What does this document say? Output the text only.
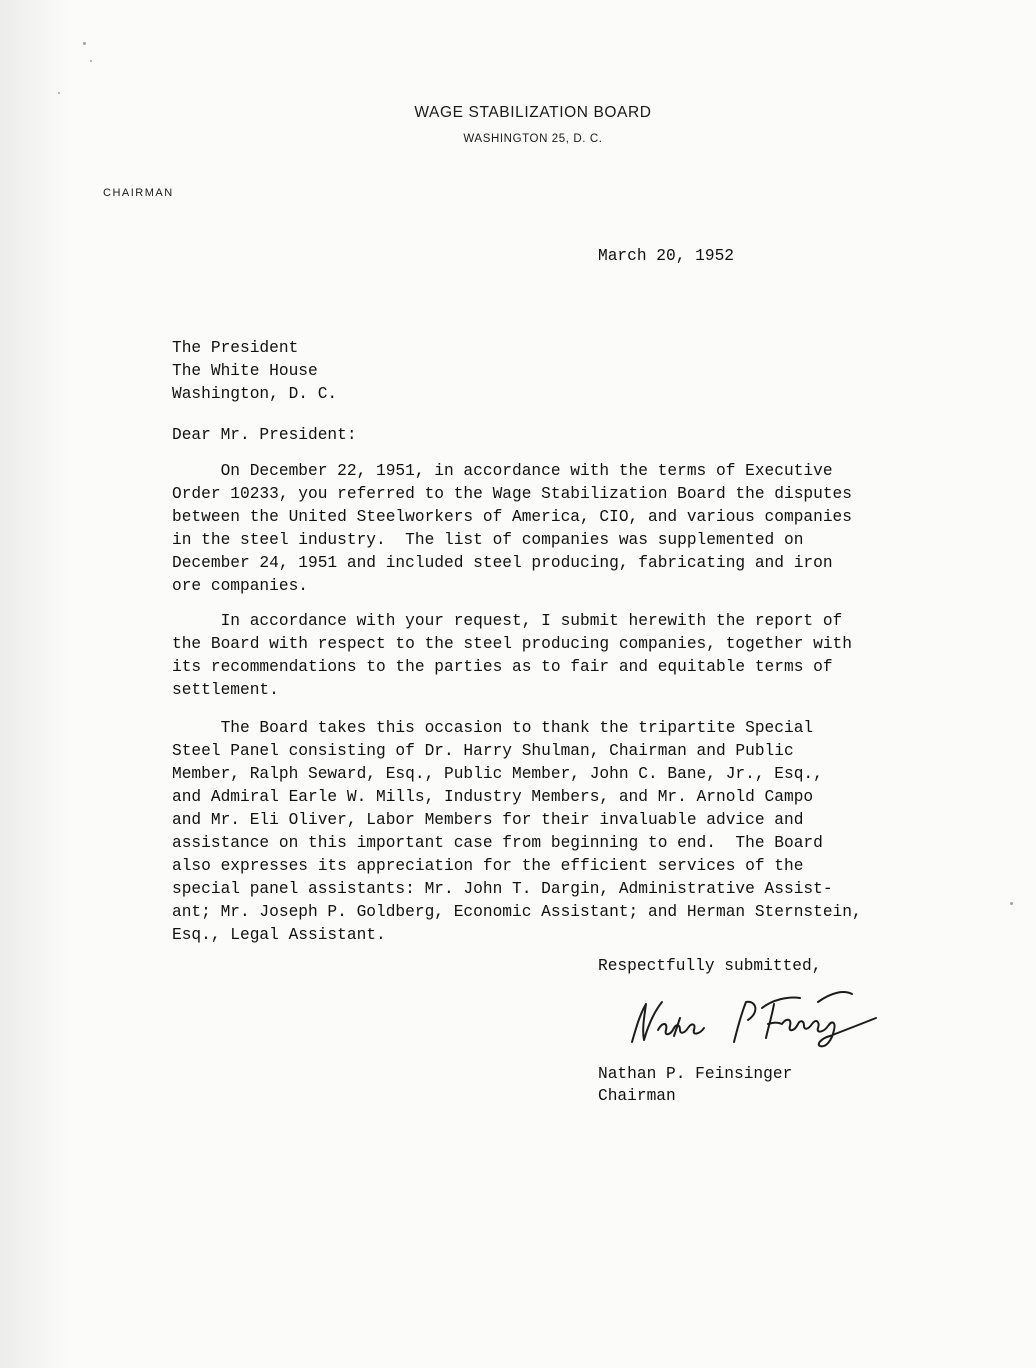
WAGE STABILIZATION BOARD
WASHINGTON 25, D. C.
CHAIRMAN
March 20, 1952
The President
The White House
Washington, D. C.
Dear Mr. President:
On December 22, 1951, in accordance with the terms of Executive
Order 10233, you referred to the Wage Stabilization Board the disputes
between the United Steelworkers of America, CIO, and various companies
in the steel industry.  The list of companies was supplemented on
December 24, 1951 and included steel producing, fabricating and iron
ore companies.
In accordance with your request, I submit herewith the report of
the Board with respect to the steel producing companies, together with
its recommendations to the parties as to fair and equitable terms of
settlement.
The Board takes this occasion to thank the tripartite Special
Steel Panel consisting of Dr. Harry Shulman, Chairman and Public
Member, Ralph Seward, Esq., Public Member, John C. Bane, Jr., Esq.,
and Admiral Earle W. Mills, Industry Members, and Mr. Arnold Campo
and Mr. Eli Oliver, Labor Members for their invaluable advice and
assistance on this important case from beginning to end.  The Board
also expresses its appreciation for the efficient services of the
special panel assistants: Mr. John T. Dargin, Administrative Assist-
ant; Mr. Joseph P. Goldberg, Economic Assistant; and Herman Sternstein,
Esq., Legal Assistant.
Respectfully submitted,
Nathan P. Feinsinger
Chairman
